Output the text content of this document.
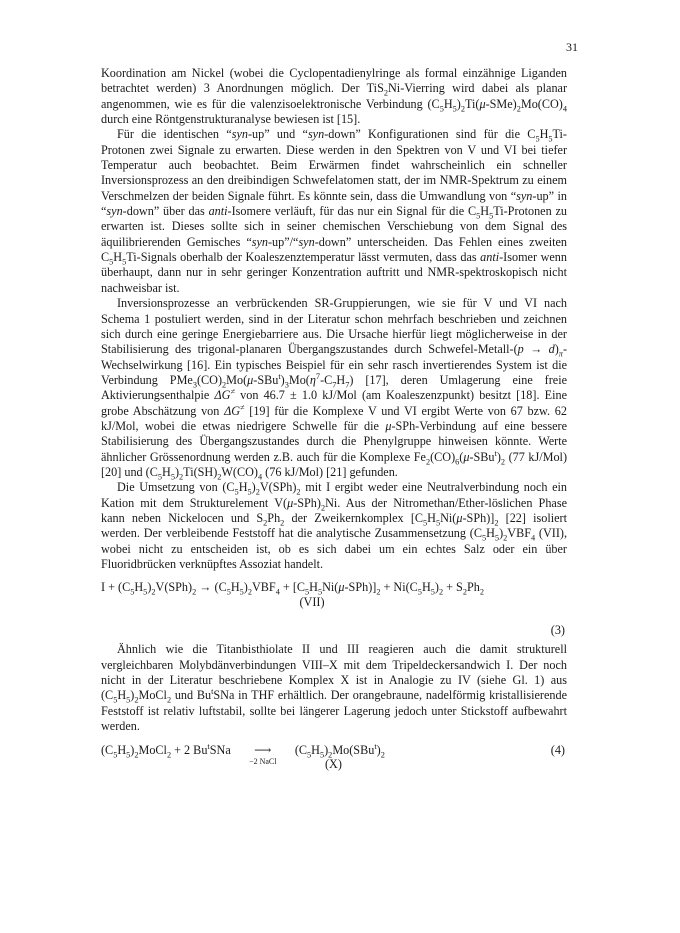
31

Koordination am Nickel (wobei die Cyclopentadienylringe als formal einzähnige Liganden betrachtet werden) 3 Anordnungen möglich. Der TiS$_2$Ni-Vierring wird dabei als planar angenommen, wie es für die valenzisoelektronische Verbindung $(C_5H_5)_2Ti(\mu-SMe)_2Mo(CO)_4$ durch eine Röntgenstrukturanalyse bewiesen ist [15].

Für die identischen “syn-up” und “syn-down” Konfigurationen sind für die $C_5H_5Ti$-Protonen zwei Signale zu erwarten. Diese werden in den Spektren von V und VI bei tiefer Temperatur auch beobachtet. Beim Erwärmen findet wahrscheinlich ein schneller Inversionsprozess an den dreibindigen Schwefelatomen statt, der im NMR-Spektrum zu einem Verschmelzen der beiden Signale führt. Es könnte sein, dass die Umwandlung von “syn-up” in “syn-down” über das anti-Isomere verläuft, für das nur ein Signal für die $C_5H_5Ti$-Protonen zu erwarten ist. Dieses sollte sich in seiner chemischen Verschiebung von dem Signal des äquilibrierenden Gemisches “syn-up”/“syn-down” unterscheiden. Das Fehlen eines zweiten $C_5H_5Ti$-Signals oberhalb der Koaleszenztemperatur lässt vermuten, dass das anti-Isomer wenn überhaupt, dann nur in sehr geringer Konzentration auftritt und NMR-spektroskopisch nicht nachweisbar ist.

Inversionsprozesse an verbrückenden SR-Gruppierungen, wie sie für V und VI nach Schema 1 postuliert werden, sind in der Literatur schon mehrfach beschrieben und zeichnen sich durch eine geringe Energiebarriere aus. Die Ursache hierfür liegt möglicherweise in der Stabilisierung des trigonal-planaren Übergangszustandes durch Schwefel-Metall-(p → $d)_\pi$-Wechselwirkung [16]. Ein typisches Beispiel für ein sehr rasch invertierendes System ist die Verbindung $PMe_3(CO)_2Mo(\mu-SBu^t)_3Mo(\eta^7-C_7H_7)$ [17], deren Umlagerung eine freie Aktivierungsenthalpie ΔG≠ von 46.7 ± 1.0 kJ/Mol (am Koaleszenzpunkt) besitzt [18]. Eine grobe Abschätzung von ΔG≠ [19] für die Komplexe V und VI ergibt Werte von 67 bzw. 62 kJ/Mol, wobei die etwas niedrigere Schwelle für die μ-SPh-Verbindung auf eine bessere Stabilisierung des Übergangszustandes durch die Phenylgruppe hinweisen könnte. Werte ähnlicher Grössenordnung werden z.B. auch für die Komplexe $Fe_2(CO)_6(\mu-SBu^t)_2$ (77 kJ/Mol) [20] und $(C_5H_5)_2Ti(SH)_2W(CO)_4$ (76 kJ/Mol) [21] gefunden.

Die Umsetzung von $(C_5H_5)_2V(SPh)_2$ mit I ergibt weder eine Neutralverbindung noch ein Kation mit dem Strukturelement $V(\mu-SPh)_2Ni$. Aus der Nitromethan/Ether-löslichen Phase kann neben Nickelocen und $S_2Ph_2$ der Zweikernkomplex $[C_5H_5Ni(\mu-SPh)]_2$ [22] isoliert werden. Der verbleibende Feststoff hat die analytische Zusammensetzung $(C_5H_5)_2VBF_4$ (VII), wobei nicht zu entscheiden ist, ob es sich dabei um ein echtes Salz oder ein über Fluoridbrücken verknüpftes Assoziat handelt.

$I + (C_5H_5)_2V(SPh)_2 \to (C_5H_5)_2VBF_4 + [C_5H_5Ni(\mu-SPh)]_2 + Ni(C_5H_5)_2 + S_2Ph_2$
(VII)
(3)

Ähnlich wie die Titanbisthiolate II und III reagieren auch die damit strukturell vergleichbaren Molybdänverbindungen VIII–X mit dem Tripeldeckersandwich I. Der noch nicht in der Literatur beschriebene Komplex X ist in Analogie zu IV (siehe Gl. 1) aus $(C_5H_5)_2MoCl_2$ und Bu$^t$SNa in THF erhältlich. Der orangebraune, nadelförmig kristallisierende Feststoff ist relativ luftstabil, sollte bei längerer Lagerung jedoch unter Stickstoff aufbewahrt werden.

$(C_5H_5)_2MoCl_2 + 2$ Bu$^t$SNa ⟶
−2 NaCl
$(C_5H_5)_2Mo(SBu^t)_2$	(4)
(X)
